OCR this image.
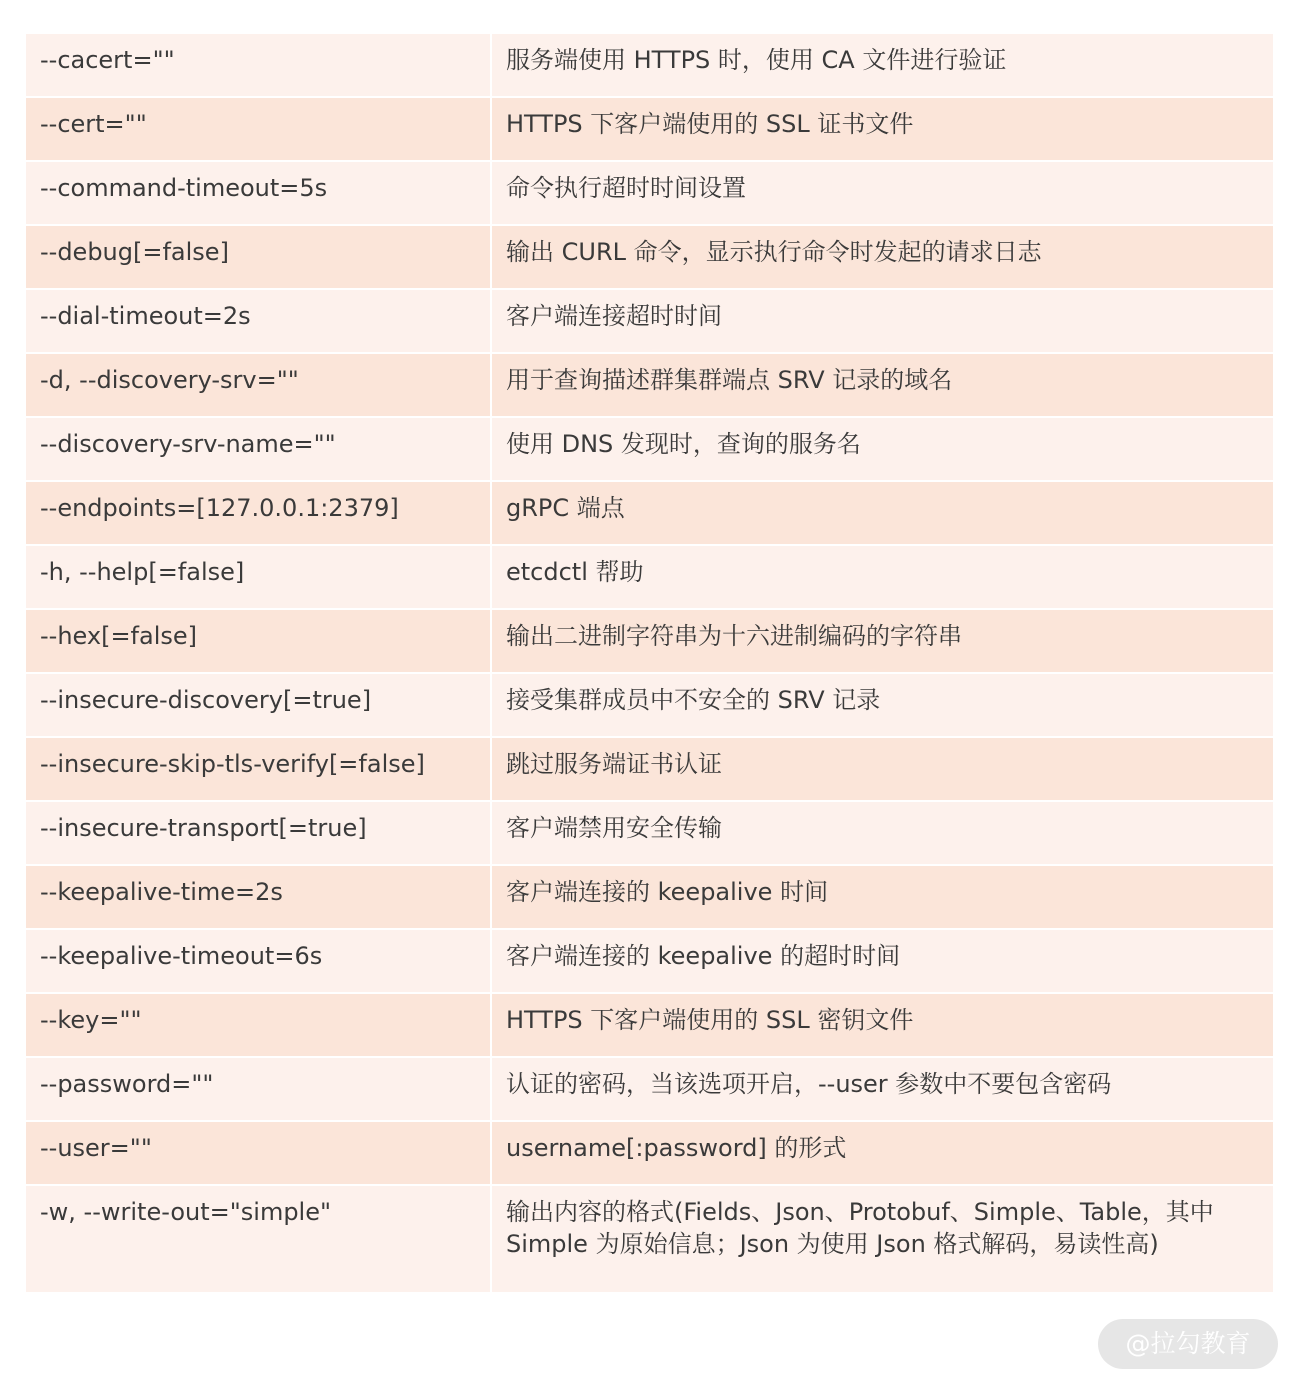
--cacert=""	服务端使用 HTTPS 时，使用 CA 文件进行验证
--cert=""	HTTPS 下客户端使用的 SSL 证书文件
--command-timeout=5s	命令执行超时时间设置
--debug[=false]	输出 CURL 命令，显示执行命令时发起的请求日志
--dial-timeout=2s	客户端连接超时时间
-d, --discovery-srv=""	用于查询描述群集群端点 SRV 记录的域名
--discovery-srv-name=""	使用 DNS 发现时，查询的服务名
--endpoints=[127.0.0.1:2379]	gRPC 端点
-h, --help[=false]	etcdctl 帮助
--hex[=false]	输出二进制字符串为十六进制编码的字符串
--insecure-discovery[=true]	接受集群成员中不安全的 SRV 记录
--insecure-skip-tls-verify[=false]	跳过服务端证书认证
--insecure-transport[=true]	客户端禁用安全传输
--keepalive-time=2s	客户端连接的 keepalive 时间
--keepalive-timeout=6s	客户端连接的 keepalive 的超时时间
--key=""	HTTPS 下客户端使用的 SSL 密钥文件
--password=""	认证的密码，当该选项开启，--user 参数中不要包含密码
--user=""	username[:password] 的形式
-w, --write-out="simple"	输出内容的格式(Fields、Json、Protobuf、Simple、Table，其中 Simple 为原始信息；Json 为使用 Json 格式解码，易读性高)
@拉勾教育
